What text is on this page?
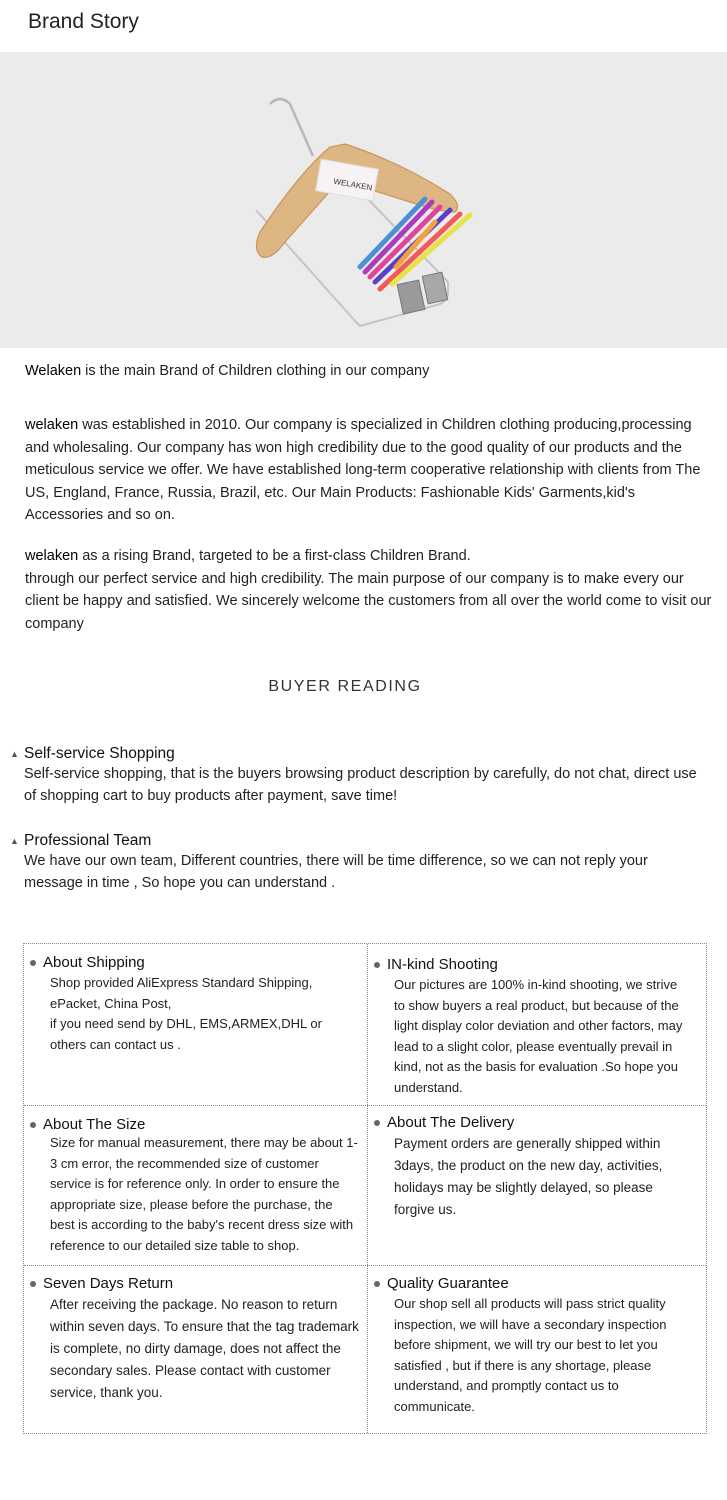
Brand Story
WELAKEN

Welaken is the main Brand of Children clothing in our company

welaken was established in 2010. Our company is specialized in Children clothing producing,processing and wholesaling. Our company has won high credibility due to the good quality of our products and the meticulous service we offer. We have established long-term cooperative relationship with clients from The US, England, France, Russia, Brazil, etc. Our Main Products: Fashionable Kids' Garments,kid's Accessories and so on.

welaken as a rising Brand, targeted to be a first-class Children Brand.

through our perfect service and high credibility. The main purpose of our company is to make every our client be happy and satisfied. We sincerely welcome the customers from all over the world come to visit our company

BUYER READING
▲ Self-service Shopping
Self-service shopping, that is the buyers browsing product description by carefully, do not chat, direct use of shopping cart to buy products after payment, save time!
▲ Professional Team
We have our own team, Different countries, there will be time difference, so we can not reply your message in time , So hope you can understand .
About Shipping
Shop provided AliExpress Standard Shipping, ePacket, China Post,
if you need send by DHL, EMS,ARMEX,DHL or
others can contact us .
IN-kind Shooting
Our pictures are 100% in-kind shooting, we strive to show buyers a real product, but because of the light display color deviation and other factors, may lead to a slight color, please eventually prevail in kind, not as the basis for evaluation .So hope you understand.
About The Size
Size for manual measurement, there may be about 1-3 cm error, the recommended size of customer service is for reference only. In order to ensure the appropriate size, please before the purchase, the best is according to the baby's recent dress size with reference to our detailed size table to shop.
About The Delivery
Payment orders are generally shipped within 3days, the product on the new day, activities, holidays may be slightly delayed, so please forgive us.
Seven Days Return
After receiving the package. No reason to return within seven days. To ensure that the tag trademark is complete, no dirty damage, does not affect the secondary sales. Please contact with customer service, thank you.
Quality Guarantee
Our shop sell all products will pass strict quality inspection, we will have a secondary inspection before shipment, we will try our best to let you satisfied , but if there is any shortage, please understand, and promptly contact us to communicate.
